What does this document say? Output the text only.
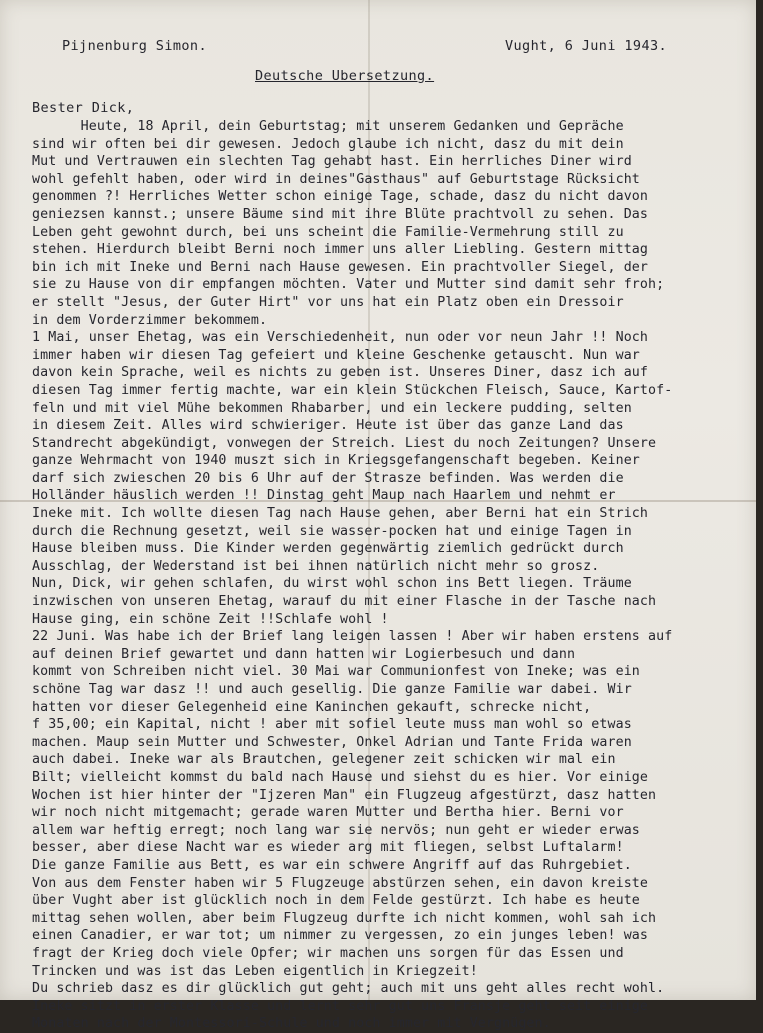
Pijnenburg Simon.	Vught, 6 Juni 1943.
Deutsche Ubersetzung.
Bester Dick,
Heute, 18 April, dein Geburtstag; mit unserem Gedanken und Gepräche
sind wir often bei dir gewesen. Jedoch glaube ich nicht, dasz du mit dein
Mut und Vertrauwen ein slechten Tag gehabt hast. Ein herrliches Diner wird
wohl gefehlt haben, oder wird in deines"Gasthaus" auf Geburtstage Rücksicht
genommen ?! Herrliches Wetter schon einige Tage, schade, dasz du nicht davon
geniezsen kannst.; unsere Bäume sind mit ihre Blüte prachtvoll zu sehen. Das
Leben geht gewohnt durch, bei uns scheint die Familie-Vermehrung still zu
stehen. Hierdurch bleibt Berni noch immer uns aller Liebling. Gestern mittag
bin ich mit Ineke und Berni nach Hause gewesen. Ein prachtvoller Siegel, der
sie zu Hause von dir empfangen möchten. Vater und Mutter sind damit sehr froh;
er stellt "Jesus, der Guter Hirt" vor uns hat ein Platz oben ein Dressoir
in dem Vorderzimmer bekommem.
1 Mai, unser Ehetag, was ein Verschiedenheit, nun oder vor neun Jahr !! Noch
immer haben wir diesen Tag gefeiert und kleine Geschenke getauscht. Nun war
davon kein Sprache, weil es nichts zu geben ist. Unseres Diner, dasz ich auf
diesen Tag immer fertig machte, war ein klein Stückchen Fleisch, Sauce, Kartof-
feln und mit viel Mühe bekommen Rhabarber, und ein leckere pudding, selten
in diesem Zeit. Alles wird schwieriger. Heute ist über das ganze Land das
Standrecht abgekündigt, vonwegen der Streich. Liest du noch Zeitungen? Unsere
ganze Wehrmacht von 1940 muszt sich in Kriegsgefangenschaft begeben. Keiner
darf sich zwieschen 20 bis 6 Uhr auf der Strasze befinden. Was werden die
Holländer häuslich werden !! Dinstag geht Maup nach Haarlem und nehmt er
Ineke mit. Ich wollte diesen Tag nach Hause gehen, aber Berni hat ein Strich
durch die Rechnung gesetzt, weil sie wasser-pocken hat und einige Tagen in
Hause bleiben muss. Die Kinder werden gegenwärtig ziemlich gedrückt durch
Ausschlag, der Wederstand ist bei ihnen natürlich nicht mehr so grosz.
Nun, Dick, wir gehen schlafen, du wirst wohl schon ins Bett liegen. Träume
inzwischen von unseren Ehetag, warauf du mit einer Flasche in der Tasche nach
Hause ging, ein schöne Zeit !!Schlafe wohl !
22 Juni. Was habe ich der Brief lang leigen lassen ! Aber wir haben erstens auf
auf deinen Brief gewartet und dann hatten wir Logierbesuch und dann
kommt von Schreiben nicht viel. 30 Mai war Communionfest von Ineke; was ein
schöne Tag war dasz !! und auch gesellig. Die ganze Familie war dabei. Wir
hatten vor dieser Gelegenheid eine Kaninchen gekauft, schrecke nicht,
f 35,00; ein Kapital, nicht ! aber mit sofiel leute muss man wohl so etwas
machen. Maup sein Mutter und Schwester, Onkel Adrian und Tante Frida waren
auch dabei. Ineke war als Brautchen, gelegener zeit schicken wir mal ein
Bilt; vielleicht kommst du bald nach Hause und siehst du es hier. Vor einige
Wochen ist hier hinter der "Ijzeren Man" ein Flugzeug afgestürzt, dasz hatten
wir noch nicht mitgemacht; gerade waren Mutter und Bertha hier. Berni vor
allem war heftig erregt; noch lang war sie nervös; nun geht er wieder erwas
besser, aber diese Nacht war es wieder arg mit fliegen, selbst Luftalarm!
Die ganze Familie aus Bett, es war ein schwere Angriff auf das Ruhrgebiet.
Von aus dem Fenster haben wir 5 Flugzeuge abstürzen sehen, ein davon kreiste
über Vught aber ist glücklich noch in dem Felde gestürzt. Ich habe es heute
mittag sehen wollen, aber beim Flugzeug durfte ich nicht kommen, wohl sah ich
einen Canadier, er war tot; um nimmer zu vergessen, zo ein junges leben! was
fragt der Krieg doch viele Opfer; wir machen uns sorgen für das Essen und
Trincken und was ist das Leben eigentlich in Kriegzeit!
Du schrieb dasz es dir glücklich gut geht; auch mit uns geht alles recht wohl.
Ineke sitzt in erster Klasse und lernt sehr gut uns Fransje geht seit einige
Monaten nach der Montessori-Schule und noch immer mit Vergnügen.
